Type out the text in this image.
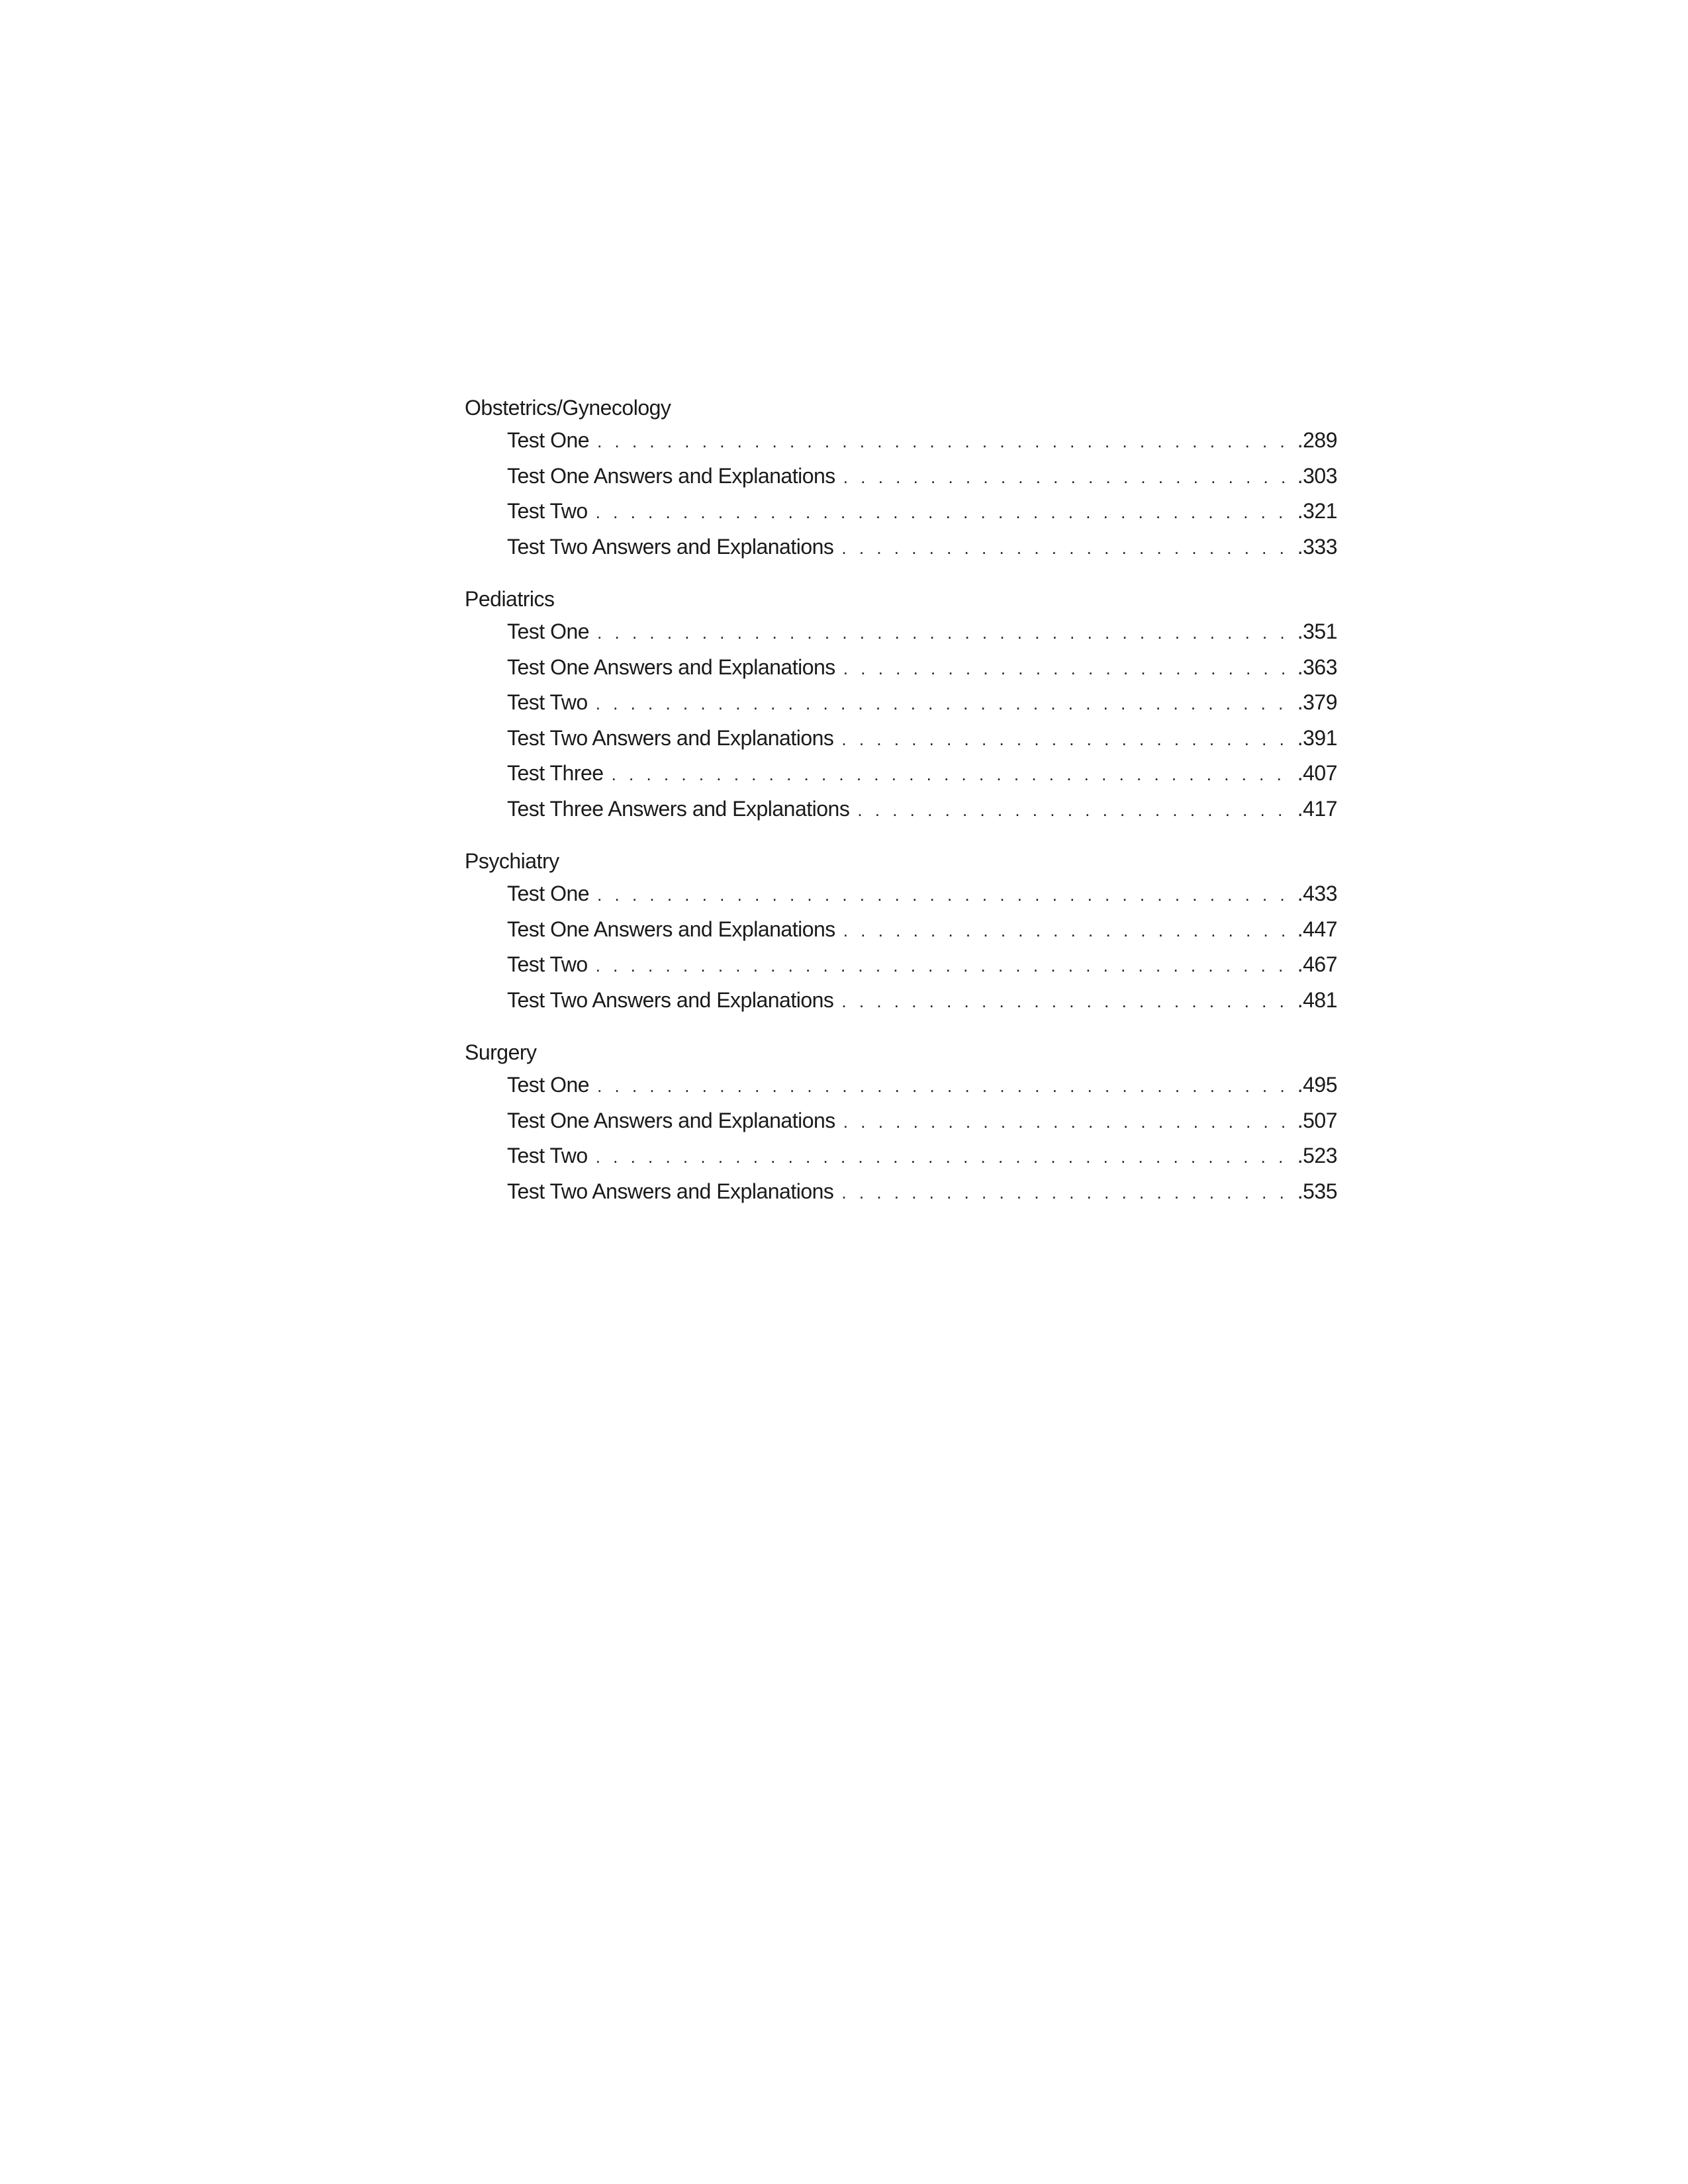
Obstetrics/Gynecology
Test One . . .	.289
Test One Answers and Explanations . . .	.303
Test Two . . .	.321
Test Two Answers and Explanations . . .	.333
Pediatrics
Test One . . .	.351
Test One Answers and Explanations . . .	.363
Test Two . . .	.379
Test Two Answers and Explanations . . .	.391
Test Three . . .	.407
Test Three Answers and Explanations . . .	.417
Psychiatry
Test One . . .	.433
Test One Answers and Explanations . . .	.447
Test Two . . .	.467
Test Two Answers and Explanations . . .	.481
Surgery
Test One . . .	.495
Test One Answers and Explanations . . .	.507
Test Two . . .	.523
Test Two Answers and Explanations . . .	.535
